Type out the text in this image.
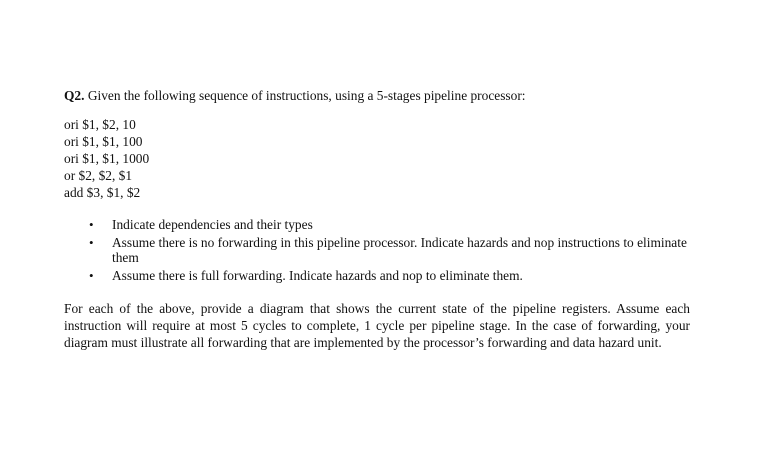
Q2. Given the following sequence of instructions, using a 5-stages pipeline processor:

ori $1, $2, 10
ori $1, $1, 100
ori $1, $1, 1000
or $2, $2, $1
add $3, $1, $2
• Indicate dependencies and their types
• Assume there is no forwarding in this pipeline processor. Indicate hazards and nop instructions to eliminate them
• Assume there is full forwarding. Indicate hazards and nop to eliminate them.
For each of the above, provide a diagram that shows the current state of the pipeline registers. Assume each instruction will require at most 5 cycles to complete, 1 cycle per pipeline stage. In the case of forwarding, your diagram must illustrate all forwarding that are implemented by the processor’s forwarding and data hazard unit.
